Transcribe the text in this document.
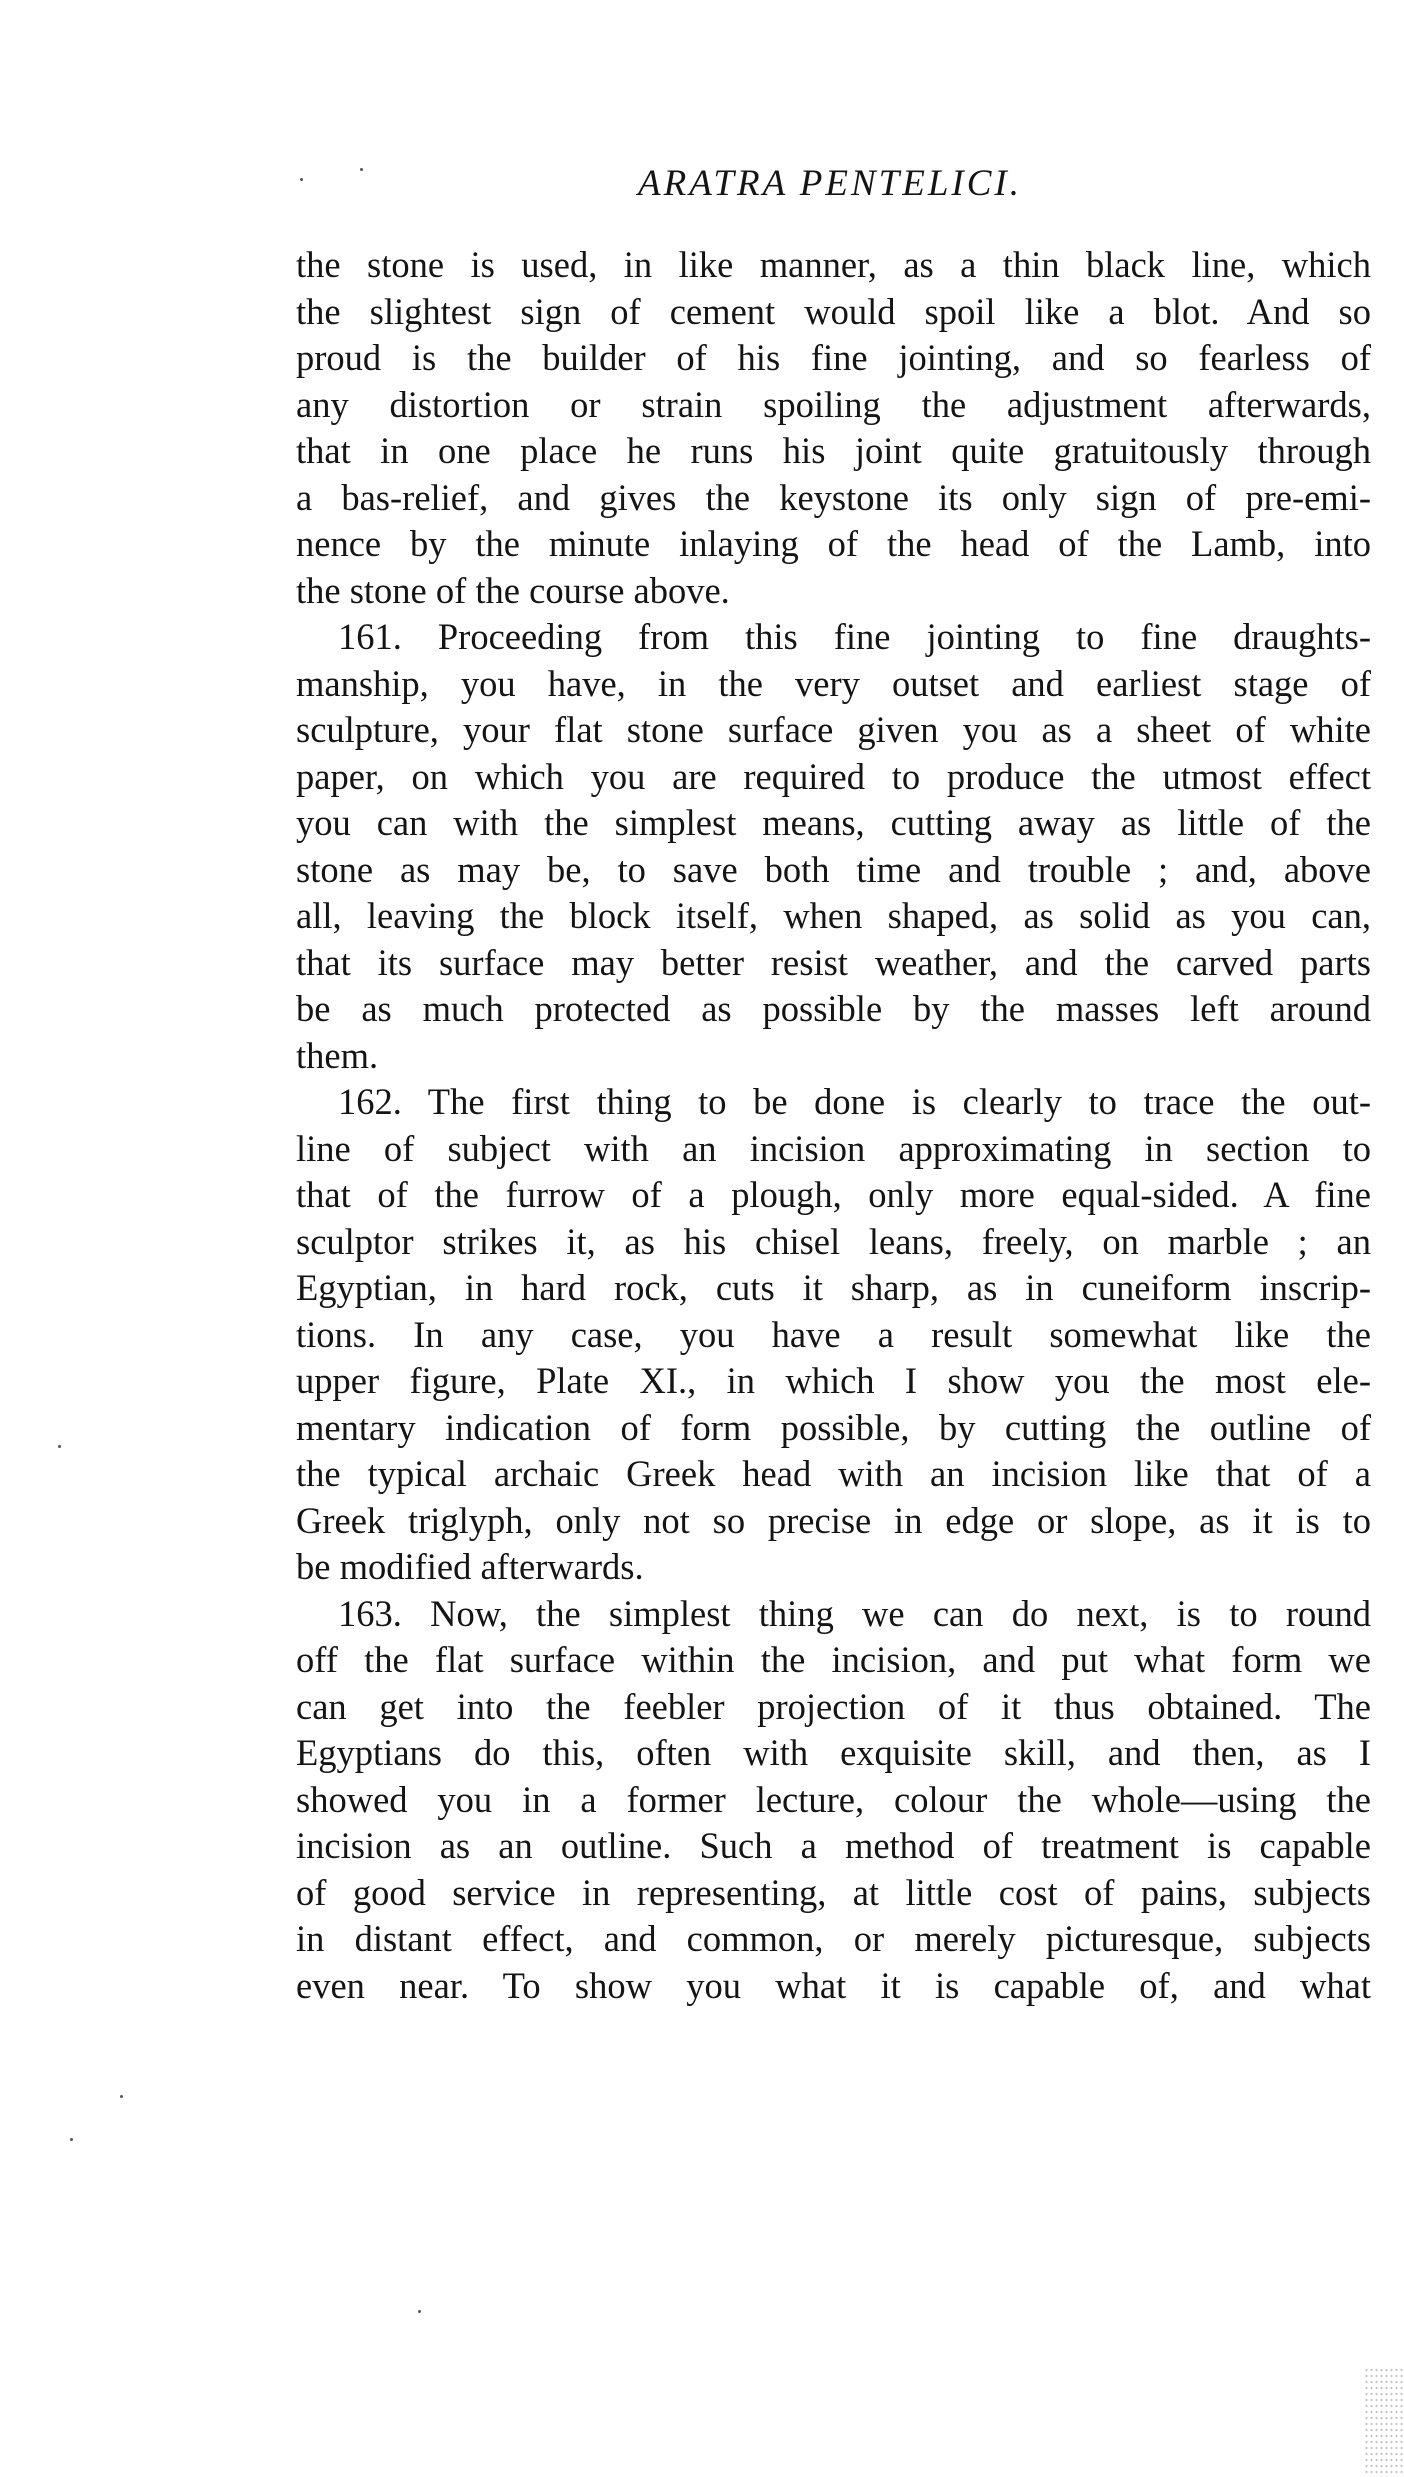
ARATRA PENTELICI.
the stone is used, in like manner, as a thin black line, which
the slightest sign of cement would spoil like a blot. And so
proud is the builder of his fine jointing, and so fearless of
any distortion or strain spoiling the adjustment afterwards,
that in one place he runs his joint quite gratuitously through
a bas-relief, and gives the keystone its only sign of pre-emi-
nence by the minute inlaying of the head of the Lamb, into
the stone of the course above.
161. Proceeding from this fine jointing to fine draughts-
manship, you have, in the very outset and earliest stage of
sculpture, your flat stone surface given you as a sheet of white
paper, on which you are required to produce the utmost effect
you can with the simplest means, cutting away as little of the
stone as may be, to save both time and trouble ; and, above
all, leaving the block itself, when shaped, as solid as you can,
that its surface may better resist weather, and the carved parts
be as much protected as possible by the masses left around
them.
162. The first thing to be done is clearly to trace the out-
line of subject with an incision approximating in section to
that of the furrow of a plough, only more equal-sided. A fine
sculptor strikes it, as his chisel leans, freely, on marble ; an
Egyptian, in hard rock, cuts it sharp, as in cuneiform inscrip-
tions. In any case, you have a result somewhat like the
upper figure, Plate XI., in which I show you the most ele-
mentary indication of form possible, by cutting the outline of
the typical archaic Greek head with an incision like that of a
Greek triglyph, only not so precise in edge or slope, as it is to
be modified afterwards.
163. Now, the simplest thing we can do next, is to round
off the flat surface within the incision, and put what form we
can get into the feebler projection of it thus obtained. The
Egyptians do this, often with exquisite skill, and then, as I
showed you in a former lecture, colour the whole—using the
incision as an outline. Such a method of treatment is capable
of good service in representing, at little cost of pains, subjects
in distant effect, and common, or merely picturesque, subjects
even near. To show you what it is capable of, and what
